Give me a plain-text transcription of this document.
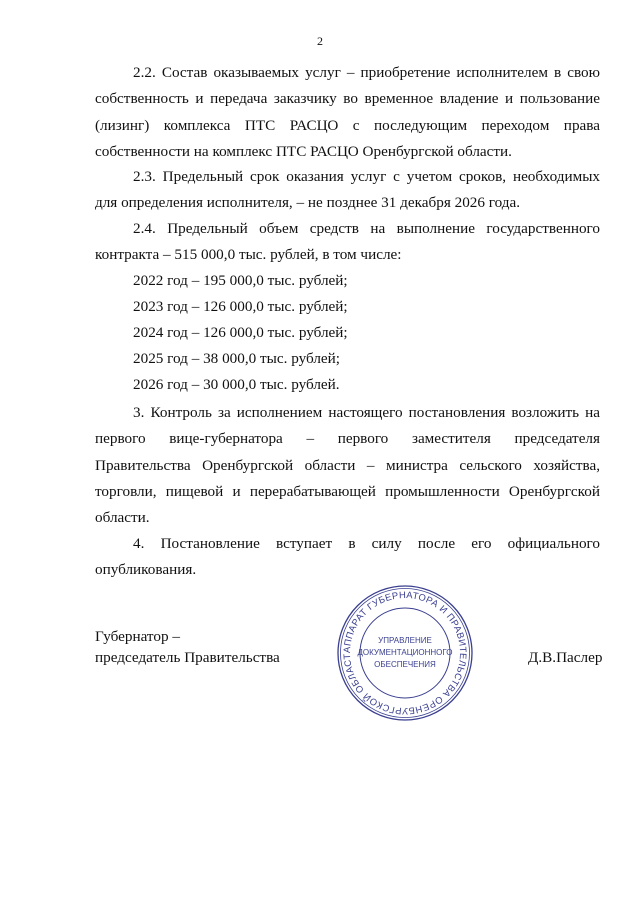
2
2.2. Состав оказываемых услуг – приобретение исполнителем в свою
собственность и передача заказчику во временное владение и пользование
(лизинг) комплекса ПТС РАСЦО с последующим переходом права
собственности на комплекс ПТС РАСЦО Оренбургской области.
2.3. Предельный срок оказания услуг с учетом сроков, необходимых
для определения исполнителя, – не позднее 31 декабря 2026 года.
2.4. Предельный объем средств на выполнение государственного
контракта – 515 000,0 тыс. рублей, в том числе:
2022 год – 195 000,0 тыс. рублей;
2023 год – 126 000,0 тыс. рублей;
2024 год – 126 000,0 тыс. рублей;
2025 год – 38 000,0 тыс. рублей;
2026 год – 30 000,0 тыс. рублей.
3. Контроль за исполнением настоящего постановления возложить на
первого вице-губернатора – первого заместителя председателя
Правительства Оренбургской области – министра сельского хозяйства,
торговли, пищевой и перерабатывающей промышленности Оренбургской
области.
4. Постановление вступает в силу после его официального
опубликования.
Губернатор –
председатель Правительства	АППАРАТ ГУБЕРНАТОРА И ПРАВИТЕЛЬСТВА ОРЕНБУРГСКОЙ ОБЛАСТ
УПРАВЛЕНИЕ
ДОКУМЕНТАЦИОННОГО
ОБЕСПЕЧЕНИЯ	Д.В.Паслер
